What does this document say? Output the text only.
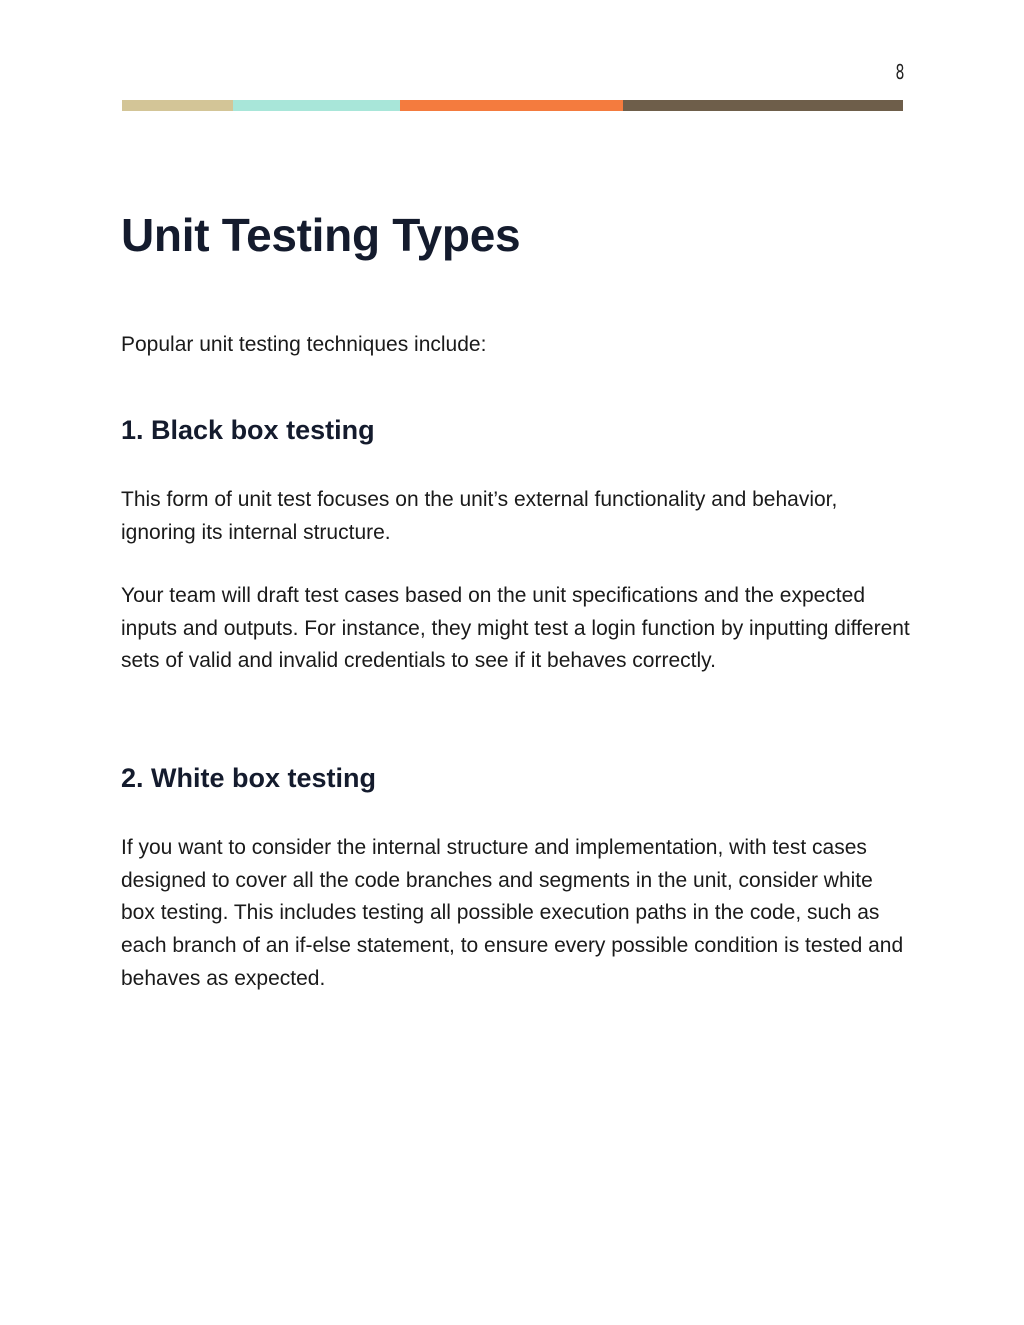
8
Unit Testing Types

Popular unit testing techniques include:

1. Black box testing

This form of unit test focuses on the unit’s external functionality and behavior, ignoring its internal structure.

Your team will draft test cases based on the unit specifications and the expected inputs and outputs. For instance, they might test a login function by inputting different sets of valid and invalid credentials to see if it behaves correctly.

2. White box testing

If you want to consider the internal structure and implementation, with test cases designed to cover all the code branches and segments in the unit, consider white box testing. This includes testing all possible execution paths in the code, such as each branch of an if-else statement, to ensure every possible condition is tested and behaves as expected.
